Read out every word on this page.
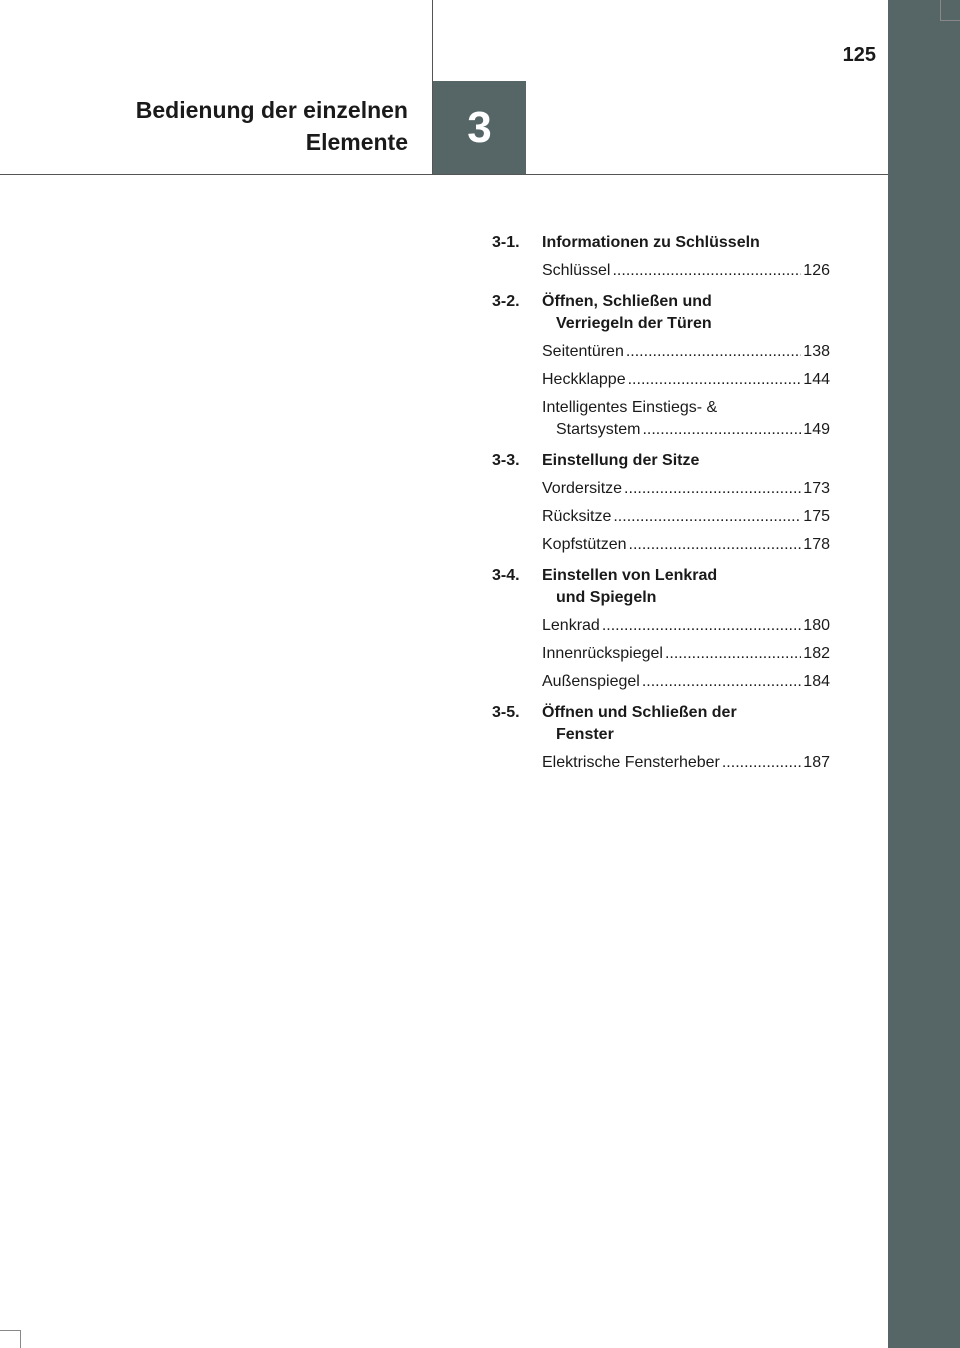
3
125
Bedienung der einzelnen
Elemente
3-1.	Informationen zu Schlüsseln
Schlüssel .....	126
3-2.	Öffnen, Schließen und
Verriegeln der Türen
Seitentüren .....	138
Heckklappe .....	144
Intelligentes Einstiegs- &
Startsystem .....	149
3-3.	Einstellung der Sitze
Vordersitze .....	173
Rücksitze .....	175
Kopfstützen .....	178
3-4.	Einstellen von Lenkrad
und Spiegeln
Lenkrad .....	180
Innenrückspiegel .....	182
Außenspiegel .....	184
3-5.	Öffnen und Schließen der
Fenster
Elektrische Fensterheber .....	187
